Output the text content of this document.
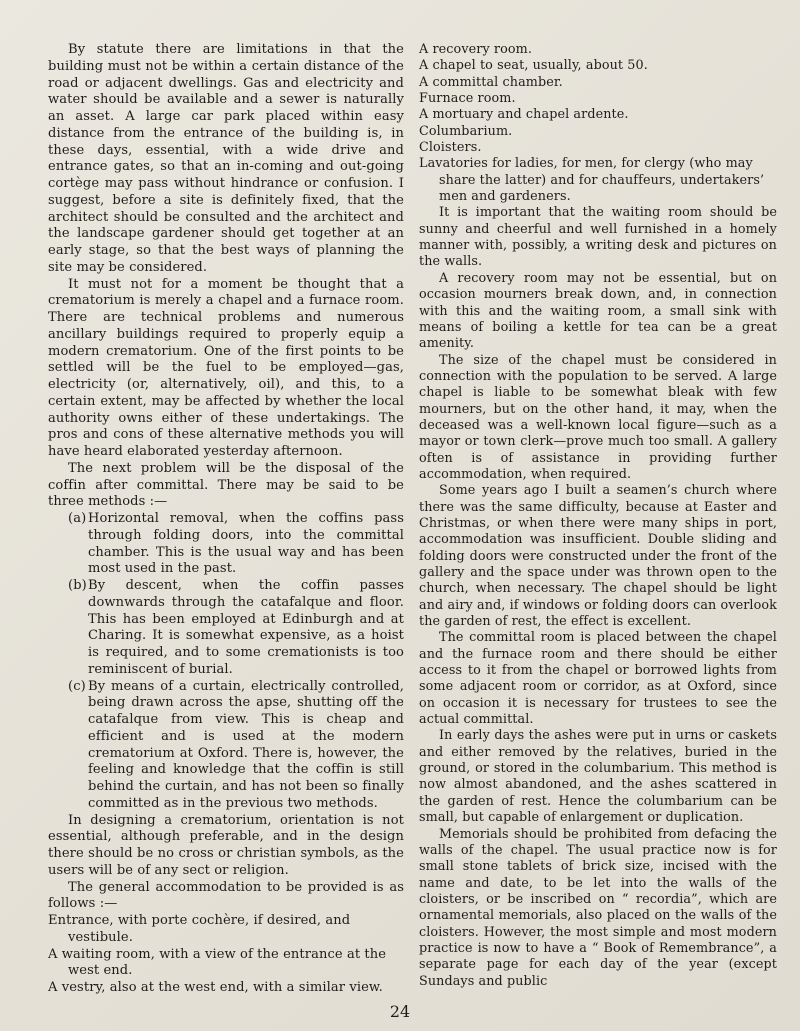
By statute there are limitations in that the building must not be within a certain distance of the road or adjacent dwellings. Gas and electricity and water should be available and a sewer is naturally an asset. A large car park placed within easy distance from the entrance of the building is, in these days, essential, with a wide drive and entrance gates, so that an in-coming and out-going cortège may pass without hindrance or confusion. I suggest, before a site is definitely fixed, that the architect should be consulted and the architect and the landscape gardener should get together at an early stage, so that the best ways of planning the site may be considered.

It must not for a moment be thought that a crematorium is merely a chapel and a furnace room. There are technical problems and numerous ancillary buildings required to properly equip a modern crematorium. One of the first points to be settled will be the fuel to be employed—gas, electricity (or, alternatively, oil), and this, to a certain extent, may be affected by whether the local authority owns either of these undertakings. The pros and cons of these alternative methods you will have heard elaborated yesterday afternoon.

The next problem will be the disposal of the coffin after committal. There may be said to be three methods :—

(a) Horizontal removal, when the coffins pass through folding doors, into the committal chamber. This is the usual way and has been most used in the past.
(b) By descent, when the coffin passes downwards through the catafalque and floor. This has been employed at Edinburgh and at Charing. It is somewhat expensive, as a hoist is required, and to some cremationists is too reminiscent of burial.
(c) By means of a curtain, electrically controlled, being drawn across the apse, shutting off the catafalque from view. This is cheap and efficient and is used at the modern crematorium at Oxford. There is, however, the feeling and knowledge that the coffin is still behind the curtain, and has not been so finally committed as in the previous two methods.

In designing a crematorium, orientation is not essential, although preferable, and in the design there should be no cross or christian symbols, as the users will be of any sect or religion.

The general accommodation to be provided is as follows :—

Entrance, with porte cochère, if desired, and vestibule.

A waiting room, with a view of the entrance at the west end.

A vestry, also at the west end, with a similar view.

A recovery room.

A chapel to seat, usually, about 50.

A committal chamber.

Furnace room.

A mortuary and chapel ardente.

Columbarium.

Cloisters.

Lavatories for ladies, for men, for clergy (who may share the latter) and for chauffeurs, undertakers’ men and gardeners.

It is important that the waiting room should be sunny and cheerful and well furnished in a homely manner with, possibly, a writing desk and pictures on the walls.

A recovery room may not be essential, but on occasion mourners break down, and, in connection with this and the waiting room, a small sink with means of boiling a kettle for tea can be a great amenity.

The size of the chapel must be considered in connection with the population to be served. A large chapel is liable to be somewhat bleak with few mourners, but on the other hand, it may, when the deceased was a well-known local figure—such as a mayor or town clerk—prove much too small. A gallery often is of assistance in providing further accommodation, when required.

Some years ago I built a seamen’s church where there was the same difficulty, because at Easter and Christmas, or when there were many ships in port, accommodation was insufficient. Double sliding and folding doors were constructed under the front of the gallery and the space under was thrown open to the church, when necessary. The chapel should be light and airy and, if windows or folding doors can overlook the garden of rest, the effect is excellent.

The committal room is placed between the chapel and the furnace room and there should be either access to it from the chapel or borrowed lights from some adjacent room or corridor, as at Oxford, since on occasion it is necessary for trustees to see the actual committal.

In early days the ashes were put in urns or caskets and either removed by the relatives, buried in the ground, or stored in the columbarium. This method is now almost abandoned, and the ashes scattered in the garden of rest. Hence the columbarium can be small, but capable of enlargement or duplication.

Memorials should be prohibited from defacing the walls of the chapel. The usual practice now is for small stone tablets of brick size, incised with the name and date, to be let into the walls of the cloisters, or be inscribed on “ recordia”, which are ornamental memorials, also placed on the walls of the cloisters. However, the most simple and most modern practice is now to have a “ Book of Remembrance”, a separate page for each day of the year (except Sundays and public

24
